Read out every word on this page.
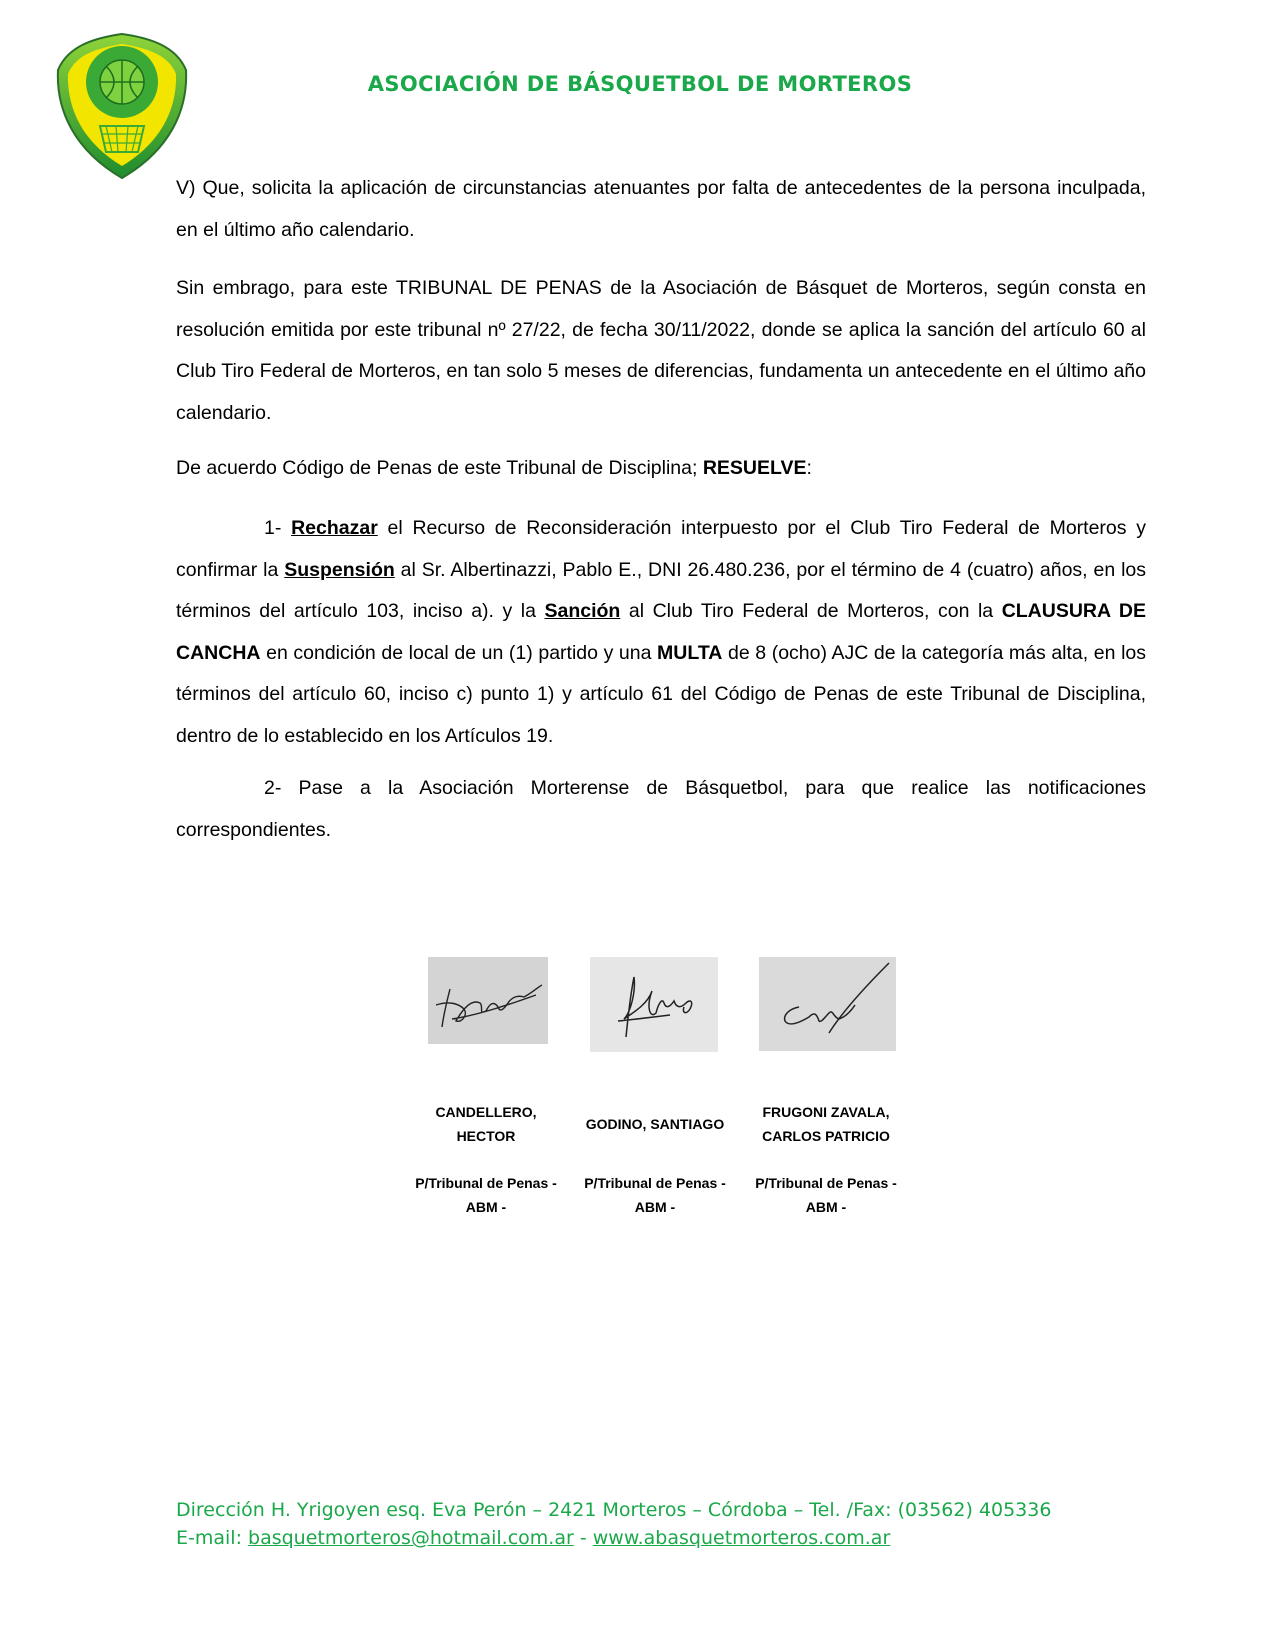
ASOCIACIÓN DE BÁSQUETBOL DE MORTEROS

V) Que, solicita la aplicación de circunstancias atenuantes por falta de antecedentes de la persona inculpada, en el último año calendario.

Sin embrago, para este TRIBUNAL DE PENAS de la Asociación de Básquet de Morteros, según consta en resolución emitida por este tribunal nº 27/22, de fecha 30/11/2022, donde se aplica la sanción del artículo 60 al Club Tiro Federal de Morteros, en tan solo 5 meses de diferencias, fundamenta un antecedente en el último año calendario.

De acuerdo Código de Penas de este Tribunal de Disciplina; RESUELVE:

1- Rechazar el Recurso de Reconsideración interpuesto por el Club Tiro Federal de Morteros y confirmar la Suspensión al Sr. Albertinazzi, Pablo E., DNI 26.480.236, por el término de 4 (cuatro) años, en los términos del artículo 103, inciso a). y la Sanción al Club Tiro Federal de Morteros, con la CLAUSURA DE CANCHA en condición de local de un (1) partido y una MULTA de 8 (ocho) AJC de la categoría más alta, en los términos del artículo 60, inciso c) punto 1) y artículo 61 del Código de Penas de este Tribunal de Disciplina, dentro de lo establecido en los Artículos 19.

2- Pase a la Asociación Morterense de Básquetbol, para que realice las notificaciones correspondientes.

CANDELLERO,
HECTOR
GODINO, SANTIAGO
FRUGONI ZAVALA,
CARLOS PATRICIO
P/Tribunal de Penas -
ABM -
P/Tribunal de Penas -
ABM -
P/Tribunal de Penas -
ABM -
Dirección H. Yrigoyen esq. Eva Perón – 2421 Morteros – Córdoba – Tel. /Fax: (03562) 405336
E-mail: basquetmorteros@hotmail.com.ar - www.abasquetmorteros.com.ar
